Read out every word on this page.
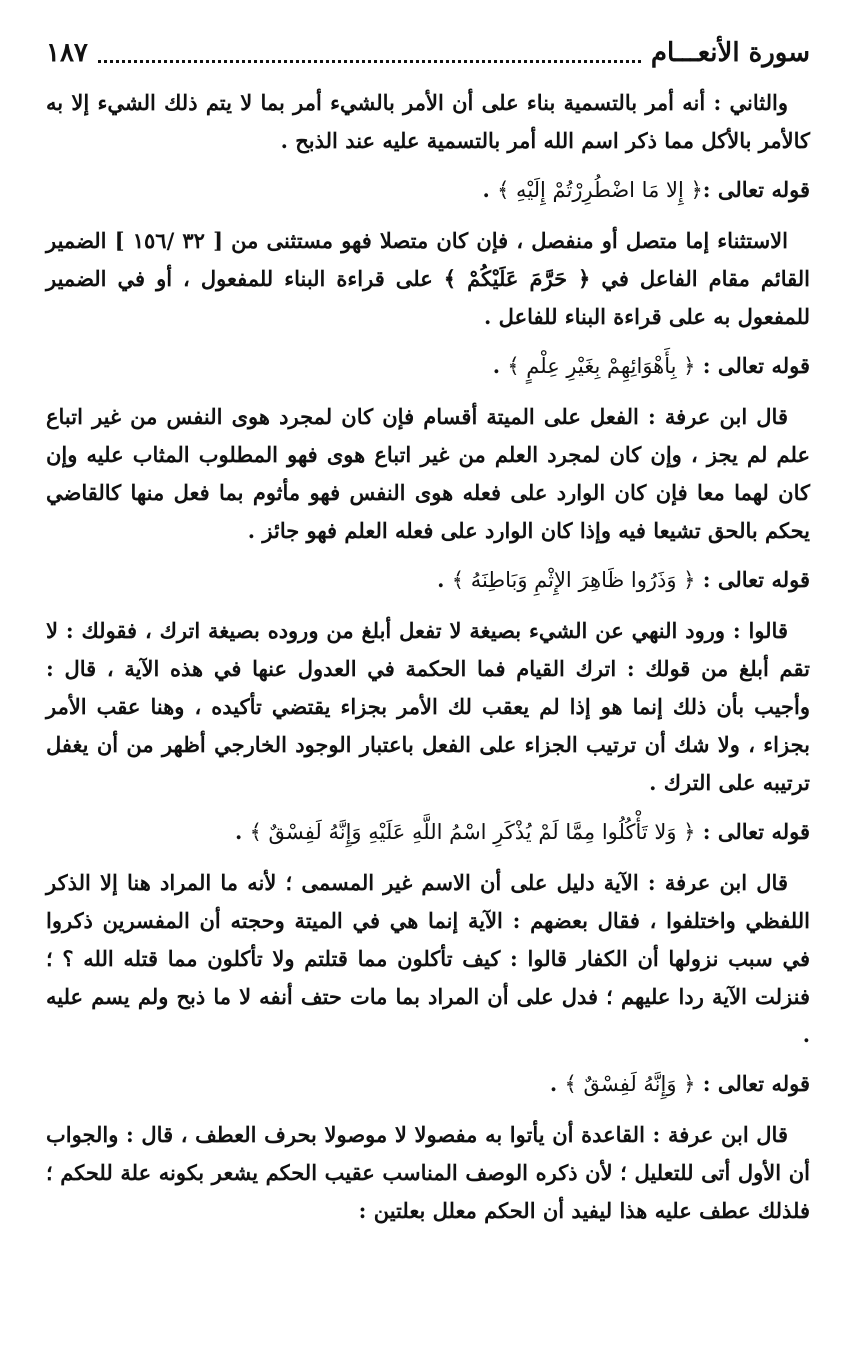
سورة الأنعـــام
١٨٧

والثاني : أنه أمر بالتسمية بناء على أن الأمر بالشيء أمر بما لا يتم ذلك الشيء إلا به كالأمر بالأكل مما ذكر اسم الله أمر بالتسمية عليه عند الذبح .

قوله تعالى :﴿ إِلا مَا اضْطُرِرْتُمْ إِلَيْهِ ﴾ .

الاستثناء إما متصل أو منفصل ، فإن كان متصلا فهو مستثنى من [ ٣٢ /١٥٦ ] الضمير القائم مقام الفاعل في ﴿ حَرَّمَ عَلَيْكُمْ ﴾ على قراءة البناء للمفعول ، أو في الضمير للمفعول به على قراءة البناء للفاعل .

قوله تعالى : ﴿ بِأَهْوَائِهِمْ بِغَيْرِ عِلْمٍ ﴾ .

قال ابن عرفة : الفعل على الميتة أقسام فإن كان لمجرد هوى النفس من غير اتباع علم لم يجز ، وإن كان لمجرد العلم من غير اتباع هوى فهو المطلوب المثاب عليه وإن كان لهما معا فإن كان الوارد على فعله هوى النفس فهو مأثوم بما فعل منها كالقاضي يحكم بالحق تشيعا فيه وإذا كان الوارد على فعله العلم فهو جائز .

قوله تعالى : ﴿ وَذَرُوا ظَاهِرَ الإِثْمِ وَبَاطِنَهُ ﴾ .

قالوا : ورود النهي عن الشيء بصيغة لا تفعل أبلغ من وروده بصيغة اترك ، فقولك : لا تقم أبلغ من قولك : اترك القيام فما الحكمة في العدول عنها في هذه الآية ، قال : وأجيب بأن ذلك إنما هو إذا لم يعقب لك الأمر بجزاء يقتضي تأكيده ، وهنا عقب الأمر بجزاء ، ولا شك أن ترتيب الجزاء على الفعل باعتبار الوجود الخارجي أظهر من أن يغفل ترتيبه على الترك .

قوله تعالى : ﴿ وَلا تَأْكُلُوا مِمَّا لَمْ يُذْكَرِ اسْمُ اللَّهِ عَلَيْهِ وَإِنَّهُ لَفِسْقٌ ﴾ .

قال ابن عرفة : الآية دليل على أن الاسم غير المسمى ؛ لأنه ما المراد هنا إلا الذكر اللفظي واختلفوا ، فقال بعضهم : الآية إنما هي في الميتة وحجته أن المفسرين ذكروا في سبب نزولها أن الكفار قالوا : كيف تأكلون مما قتلتم ولا تأكلون مما قتله الله ؟ ؛ فنزلت الآية ردا عليهم ؛ فدل على أن المراد بما مات حتف أنفه لا ما ذبح ولم يسم عليه .

قوله تعالى : ﴿ وَإِنَّهُ لَفِسْقٌ ﴾ .

قال ابن عرفة : القاعدة أن يأتوا به مفصولا لا موصولا بحرف العطف ، قال : والجواب أن الأول أتى للتعليل ؛ لأن ذكره الوصف المناسب عقيب الحكم يشعر بكونه علة للحكم ؛ فلذلك عطف عليه هذا ليفيد أن الحكم معلل بعلتين :
